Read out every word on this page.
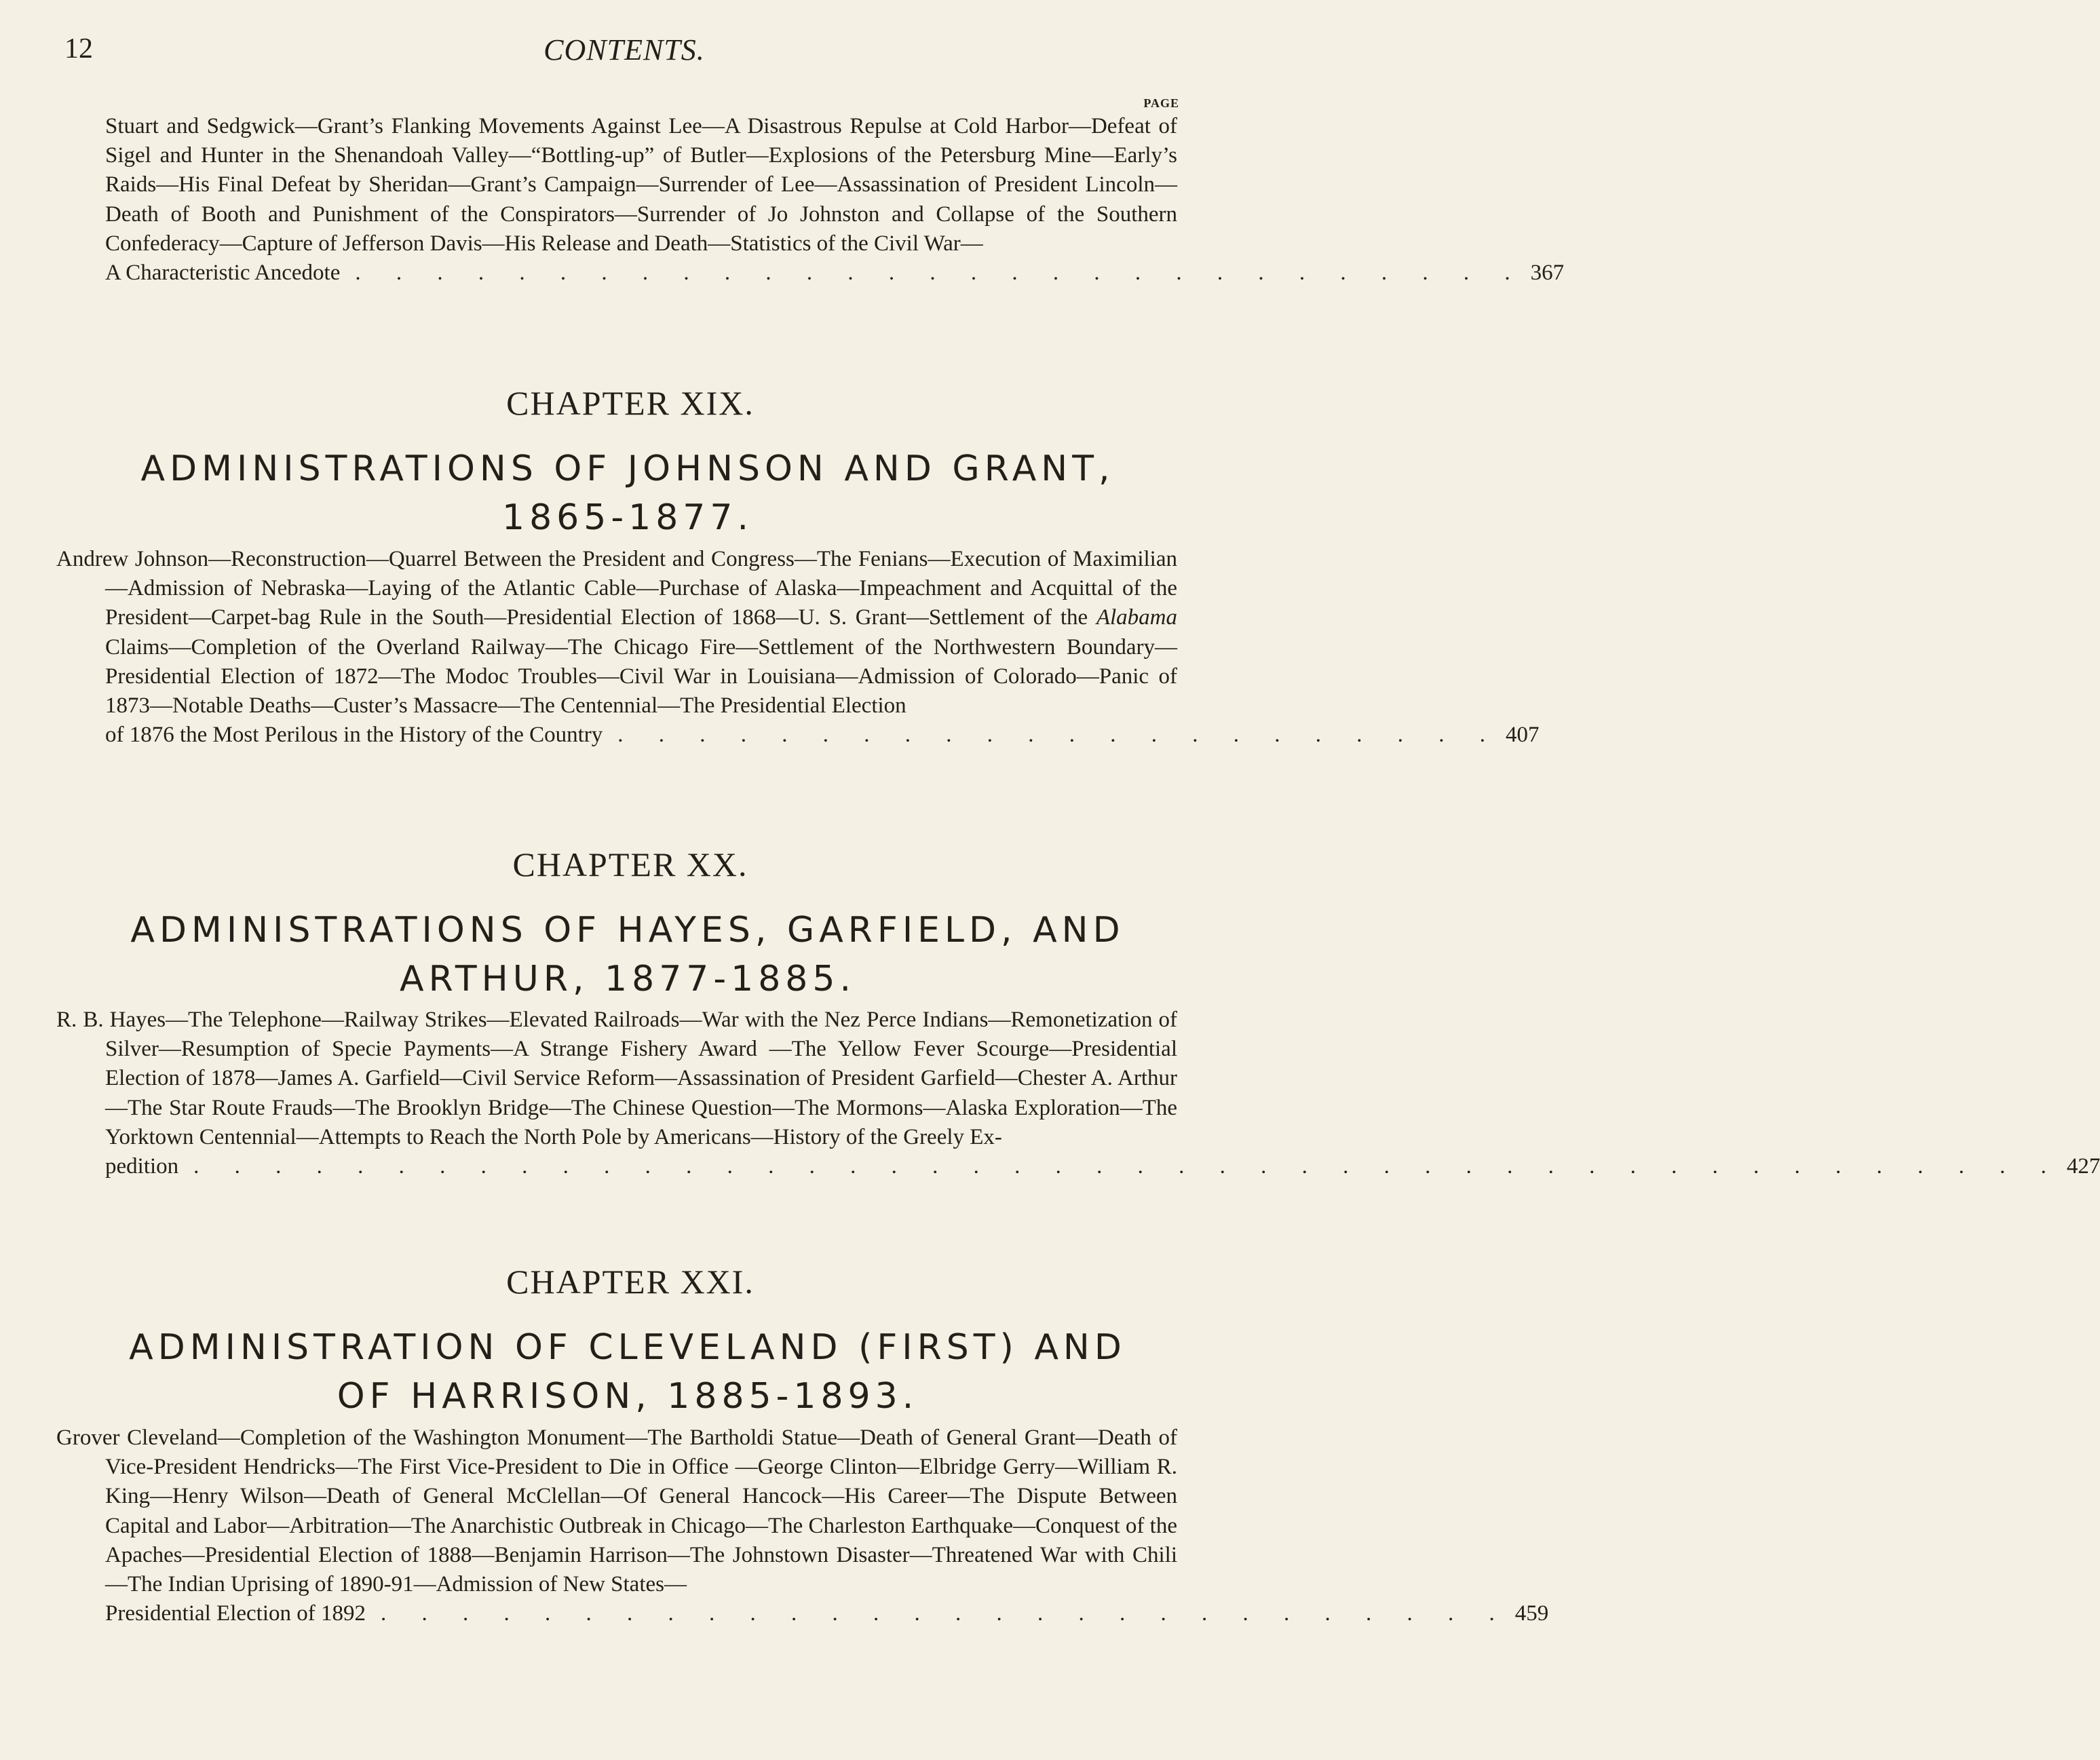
12	CONTENTS.
PAGE
Stuart and Sedgwick—Grant’s Flanking Movements Against Lee—A Disastrous Repulse at Cold Harbor—Defeat of Sigel and Hunter in the Shenandoah Valley—“Bottling-up” of Butler—Explosions of the Petersburg Mine—Early’s Raids—His Final Defeat by Sheridan—Grant’s Campaign—Surrender of Lee—Assassination of President Lincoln—Death of Booth and Punishment of the Conspirators—Surrender of Jo Johnston and Collapse of the Southern Confederacy—Capture of Jefferson Davis—His Release and Death—Statistics of the Civil War—
A Characteristic Ancedote . . . . . . . . . . . . . . . . . . . . . . . . . . . . . 367
CHAPTER XIX.
ADMINISTRATIONS OF JOHNSON AND GRANT,
1865-1877.
Andrew Johnson—Reconstruction—Quarrel Between the President and Congress—The Fenians—Execution of Maximilian—Admission of Nebraska—Laying of the Atlantic Cable—Purchase of Alaska—Impeachment and Acquittal of the President—Carpet-bag Rule in the South—Presidential Election of 1868—U. S. Grant—Settlement of the Alabama Claims—Completion of the Overland Railway—The Chicago Fire—Settlement of the Northwestern Boundary—Presidential Election of 1872—The Modoc Troubles—Civil War in Louisiana—Admission of Colorado—Panic of 1873—Notable Deaths—Custer’s Massacre—The Centennial—The Presidential Election
of 1876 the Most Perilous in the History of the Country . . . . . . . . . . . . . . . . . . . . . . 407
CHAPTER XX.
ADMINISTRATIONS OF HAYES, GARFIELD, AND
ARTHUR, 1877-1885.
R. B. Hayes—The Telephone—Railway Strikes—Elevated Railroads—War with the Nez Perce Indians—Remonetization of Silver—Resumption of Specie Payments—A Strange Fishery Award —The Yellow Fever Scourge—Presidential Election of 1878—James A. Garfield—Civil Service Reform—Assassination of President Garfield—Chester A. Arthur—The Star Route Frauds—The Brooklyn Bridge—The Chinese Question—The Mormons—Alaska Exploration—The Yorktown Centennial—Attempts to Reach the North Pole by Americans—History of the Greely Ex-
pedition . . . . . . . . . . . . . . . . . . . . . . . . . . . . . . . . . . . . . . . . . . . . . . 427
CHAPTER XXI.
ADMINISTRATION OF CLEVELAND (FIRST) AND
OF HARRISON, 1885-1893.
Grover Cleveland—Completion of the Washington Monument—The Bartholdi Statue—Death of General Grant—Death of Vice-President Hendricks—The First Vice-President to Die in Office —George Clinton—Elbridge Gerry—William R. King—Henry Wilson—Death of General McClellan—Of General Hancock—His Career—The Dispute Between Capital and Labor—Arbitration—The Anarchistic Outbreak in Chicago—The Charleston Earthquake—Conquest of the Apaches—Presidential Election of 1888—Benjamin Harrison—The Johnstown Disaster—Threatened War with Chili—The Indian Uprising of 1890-91—Admission of New States—
Presidential Election of 1892 . . . . . . . . . . . . . . . . . . . . . . . . . . . . 459
